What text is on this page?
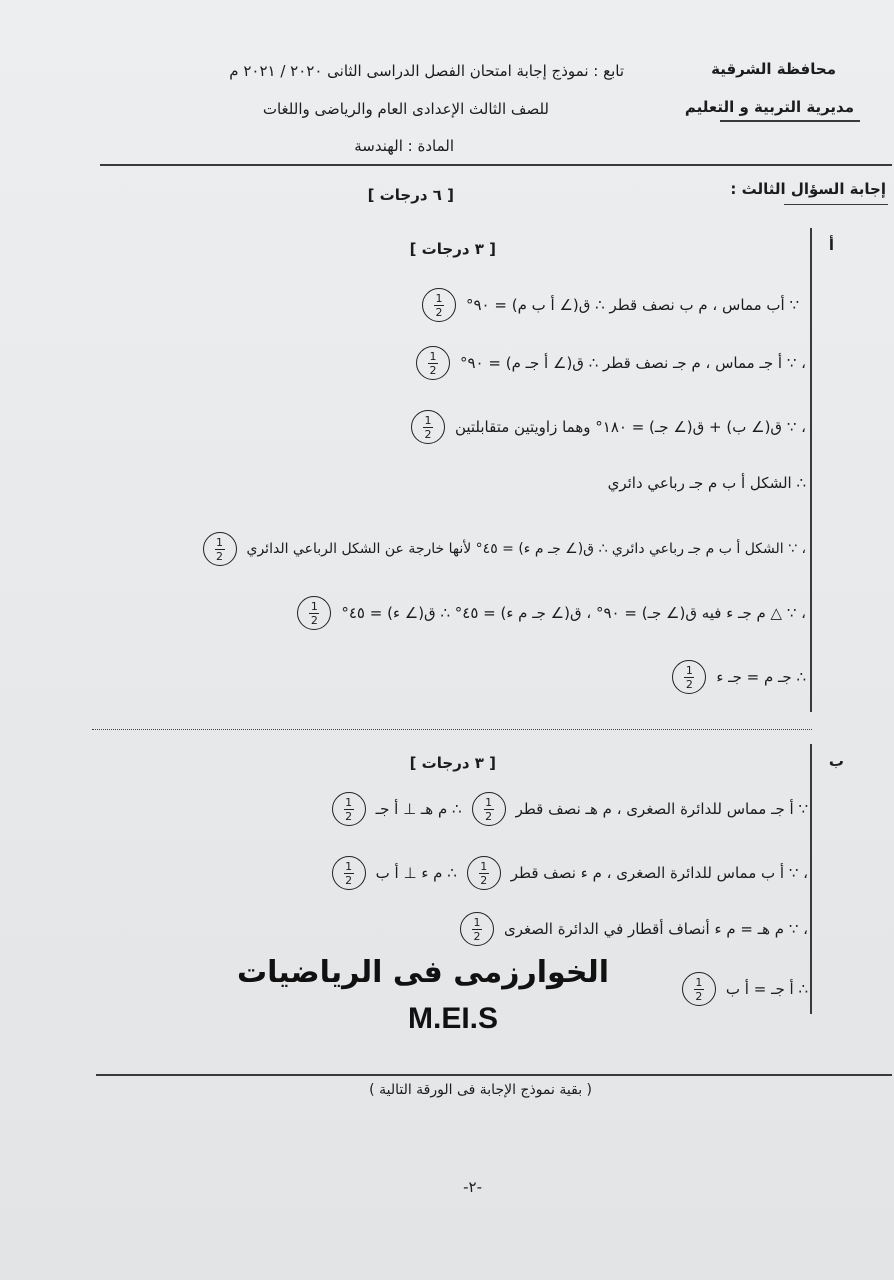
محافظة الشرقية
مديرية التربية و التعليم
تابع : نموذج إجابة امتحان الفصل الدراسى الثانى ٢٠٢٠ / ٢٠٢١ م
للصف الثالث الإعدادى العام والرياضى واللغات
المادة : الهندسة
إجابة السؤال الثالث :
[ ٦ درجات ]
أ
[ ٣ درجات ]
∵ أب مماس ، م ب نصف قطر ∴ ق(∠ أ ب م) = ٩٠°
$\frac{1}{2}$
، ∵ أ جـ مماس ، م جـ نصف قطر ∴ ق(∠ أ جـ م) = ٩٠°
$\frac{1}{2}$
، ∵ ق(∠ ب) + ق(∠ جـ) = ١٨٠° وهما زاويتين متقابلتين
$\frac{1}{2}$
∴ الشكل أ ب م جـ رباعي دائري
، ∵ الشكل أ ب م جـ رباعي دائري ∴ ق(∠ جـ م ء) = ٤٥° لأنها خارجة عن الشكل الرباعي الدائري
$\frac{1}{2}$
، ∵ △ م جـ ء فيه ق(∠ جـ) = ٩٠° ، ق(∠ جـ م ء) = ٤٥° ∴ ق(∠ ء) = ٤٥°
$\frac{1}{2}$
∴ جـ م = جـ ء
$\frac{1}{2}$
ب
[ ٣ درجات ]
∵ أ جـ مماس للدائرة الصغرى ، م هـ نصف قطر
$\frac{1}{2}$
∴ م هـ ⊥ أ جـ
$\frac{1}{2}$
، ∵ أ ب مماس للدائرة الصغرى ، م ء نصف قطر
$\frac{1}{2}$
∴ م ء ⊥ أ ب
$\frac{1}{2}$
، ∵ م هـ = م ء أنصاف أقطار في الدائرة الصغرى
$\frac{1}{2}$
∴ أ جـ = أ ب
$\frac{1}{2}$
الخوارزمى فى الرياضيات
M.EI.S
( بقية نموذج الإجابة فى الورقة التالية )
-٢-
